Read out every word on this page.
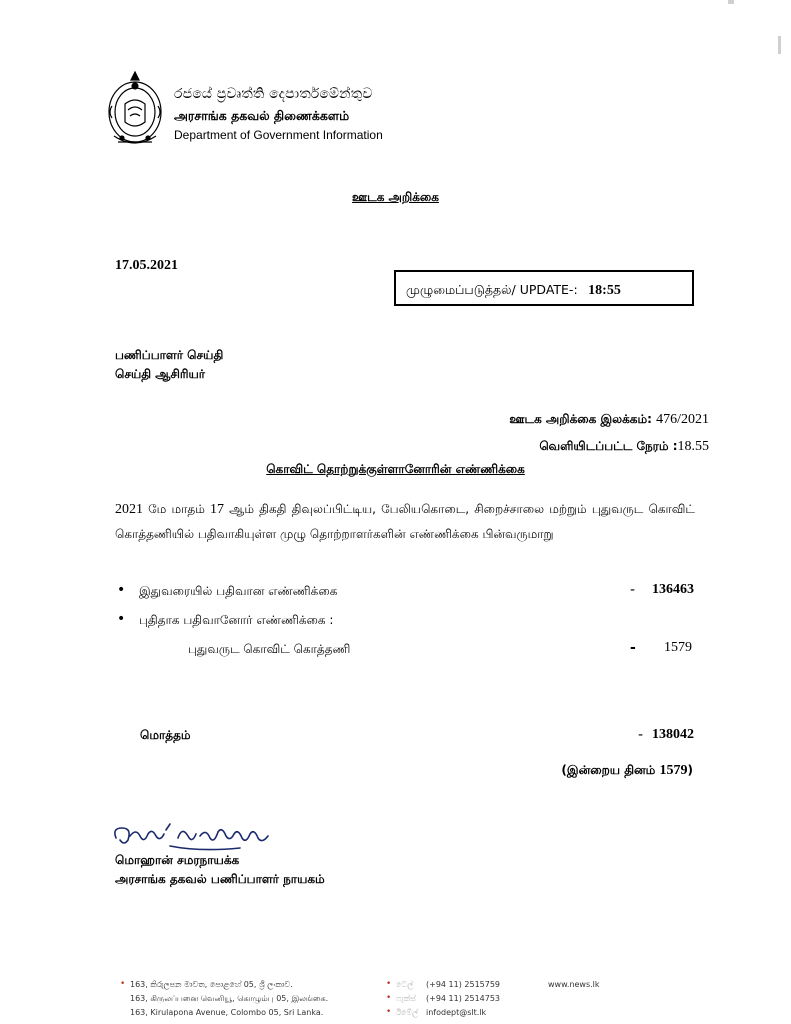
රජයේ ප්‍රවෘත්ති දෙපාර්තමේන්තුව
அரசாங்க தகவல் திணைக்களம்
Department of Government Information
ஊடக அறிக்கை
17.05.2021
முழுமைப்படுத்தல்/ UPDATE-: 18:55
பணிப்பாளர் செய்தி
செய்தி ஆசிரியர்
ஊடக அறிக்கை இலக்கம்: 476/2021
வெளியிடப்பட்ட நேரம் :18.55
கொவிட் தொற்றுக்குள்ளானோரின் எண்ணிக்கை
2021 மே மாதம் 17 ஆம் திகதி திவுலப்பிட்டிய, பேலியகொடை, சிறைச்சாலை மற்றும் புதுவருட கொவிட் கொத்தணியில் பதிவாகியுள்ள முழு தொற்றாளர்களின் எண்ணிக்கை பின்வருமாறு
• இதுவரையில் பதிவான எண்ணிக்கை	- 136463
• புதிதாக பதிவானோர் எண்ணிக்கை :
புதுவருட கொவிட் கொத்தணி	- 1579
மொத்தம்	- 138042
(இன்றைய தினம் 1579)
மொஹான் சமரநாயக்க
அரசாங்க தகவல் பணிப்பாளர் நாயகம்
• 163, කිරුලපන මාවත, පොළහේ 05, ශ්‍රී ලංකාව.
163, கிருலப்பனை வெனியூ, கொழும்பு 05, இலங்கை.
163, Kirulapona Avenue, Colombo 05, Sri Lanka.
•
•
•
ටෙල් (+94 11) 2515759
ෆැක්ස් (+94 11) 2514753
ඊමේල් infodept@slt.lk
www.news.lk
